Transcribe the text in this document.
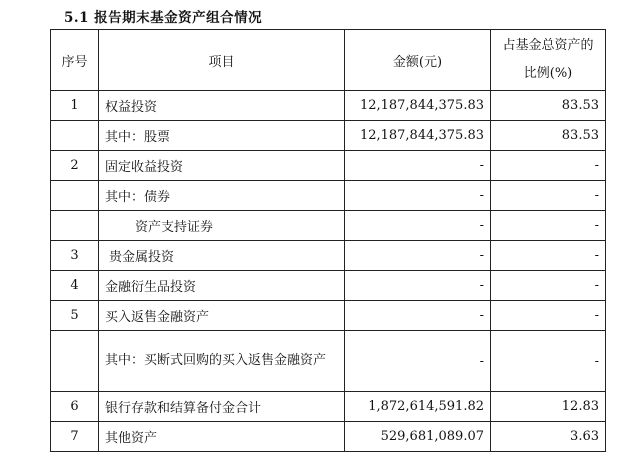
5.1 报告期末基金资产组合情况
序号	项目	金额(元)	占基金总资产的比例(%)
1	权益投资	12,187,844,375.83	83.53
	其中：股票	12,187,844,375.83	83.53
2	固定收益投资	-	-
	其中：债券	-	-
	资产支持证券	-	-
3	贵金属投资	-	-
4	金融衍生品投资	-	-
5	买入返售金融资产	-	-
	其中：买断式回购的买入返售金融资产	-	-
6	银行存款和结算备付金合计	1,872,614,591.82	12.83
7	其他资产	529,681,089.07	3.63
